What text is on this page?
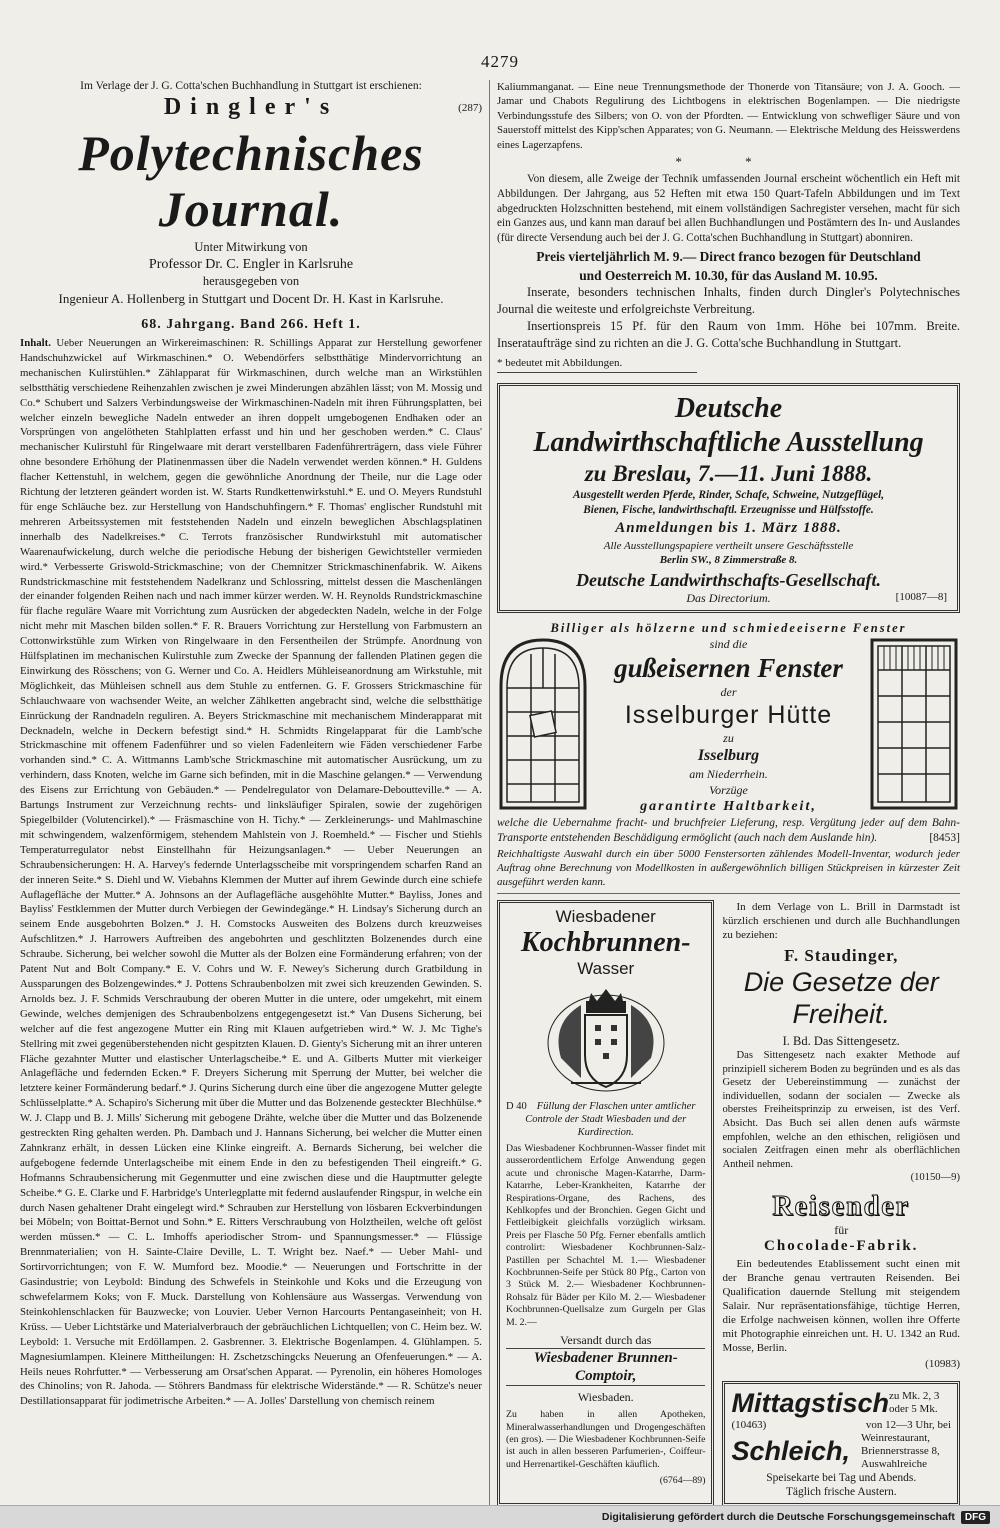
4279
Im Verlage der J. G. Cotta'schen Buchhandlung in Stuttgart ist erschienen:
Dingler's	(287)
Polytechnisches Journal.
Unter Mitwirkung von
Professor Dr. C. Engler in Karlsruhe
herausgegeben von
Ingenieur A. Hollenberg in Stuttgart und Docent Dr. H. Kast in Karlsruhe.
68. Jahrgang. Band 266. Heft 1.
Inhalt. Ueber Neuerungen an Wirkereimaschinen: R. Schillings Apparat zur Herstellung geworfener Handschuhzwickel auf Wirkmaschinen.* O. Webendörfers selbstthätige Mindervorrichtung an mechanischen Kulirstühlen.* Zählapparat für Wirkmaschinen, durch welche man an Wirkstühlen selbstthätig verschiedene Reihenzahlen zwischen je zwei Minderungen abzählen lässt; von M. Mossig und Co.* Schubert und Salzers Verbindungsweise der Wirkmaschinen-Nadeln mit ihren Führungsplatten, bei welcher einzeln bewegliche Nadeln entweder an ihren doppelt umgebogenen Endhaken oder an Vorsprüngen von angelötheten Stahlplatten erfasst und hin und her geschoben werden.* C. Claus' mechanischer Kulirstuhl für Ringelwaare mit derart verstellbaren Fadenführerträgern, dass viele Führer ohne besondere Erhöhung der Platinenmassen über die Nadeln verwendet werden können.* H. Guldens flacher Kettenstuhl, in welchem, gegen die gewöhnliche Anordnung der Theile, nur die Lage oder Richtung der letzteren geändert worden ist. W. Starts Rundkettenwirkstuhl.* E. und O. Meyers Rundstuhl für enge Schläuche bez. zur Herstellung von Handschuhfingern.* F. Thomas' englischer Rundstuhl mit mehreren Arbeitssystemen mit feststehenden Nadeln und einzeln beweglichen Abschlagsplatinen innerhalb des Nadelkreises.* C. Terrots französischer Rundwirkstuhl mit automatischer Waarenaufwickelung, durch welche die periodische Hebung der bisherigen Gewichtsteller vermieden wird.* Verbesserte Griswold-Strickmaschine; von der Chemnitzer Strickmaschinenfabrik. W. Aikens Rundstrickmaschine mit feststehendem Nadelkranz und Schlossring, mittelst dessen die Maschenlängen der einander folgenden Reihen nach und nach immer kürzer werden. W. H. Reynolds Rundstrickmaschine für flache reguläre Waare mit Vorrichtung zum Ausrücken der abgedeckten Nadeln, welche in der Folge nicht mehr mit Maschen bilden sollen.* F. R. Brauers Vorrichtung zur Herstellung von Farbmustern an Cottonwirkstühle zum Wirken von Ringelwaare in den Fersentheilen der Strümpfe. Anordnung von Hülfsplatinen im mechanischen Kulirstuhle zum Zwecke der Spannung der fallenden Platinen gegen die Einwirkung des Rösschens; von G. Werner und Co. A. Heidlers Mühleiseanordnung am Wirkstuhle, mit Möglichkeit, das Mühleisen schnell aus dem Stuhle zu entfernen. G. F. Grossers Strickmaschine für Schlauchwaare von wachsender Weite, an welcher Zählketten angebracht sind, welche die selbstthätige Einrückung der Randnadeln reguliren. A. Beyers Strickmaschine mit mechanischem Minderapparat mit Decknadeln, welche in Deckern befestigt sind.* H. Schmidts Ringelapparat für die Lamb'sche Strickmaschine mit offenem Fadenführer und so vielen Fadenleitern wie Fäden verschiedener Farbe vorhanden sind.* C. A. Wittmanns Lamb'sche Strickmaschine mit automatischer Ausrückung, um zu verhindern, dass Knoten, welche im Garne sich befinden, mit in die Maschine gelangen.* — Verwendung des Eisens zur Errichtung von Gebäuden.* — Pendelregulator von Delamare-Deboutteville.* — A. Bartungs Instrument zur Verzeichnung rechts- und linksläufiger Spiralen, sowie der zugehörigen Spiegelbilder (Volutencirkel).* — Fräsmaschine von H. Tichy.* — Zerkleinerungs- und Mahlmaschine mit schwingendem, walzenförmigem, stehendem Mahlstein von J. Roemheld.* — Fischer und Stiehls Temperaturregulator nebst Einstellhahn für Heizungsanlagen.* — Ueber Neuerungen an Schraubensicherungen: H. A. Harvey's federnde Unterlagsscheibe mit vorspringendem scharfen Rand an der inneren Seite.* S. Diehl und W. Viebahns Klemmen der Mutter auf ihrem Gewinde durch eine schiefe Auflagefläche der Mutter.* A. Johnsons an der Auflagefläche ausgehöhlte Mutter.* Bayliss, Jones and Bayliss' Festklemmen der Mutter durch Verbiegen der Gewindegänge.* H. Lindsay's Sicherung durch an seinem Ende ausgebohrten Bolzen.* J. H. Comstocks Ausweiten des Bolzens durch kreuzweises Aufschlitzen.* J. Harrowers Auftreiben des angebohrten und geschlitzten Bolzenendes durch eine Schraube. Sicherung, bei welcher sowohl die Mutter als der Bolzen eine Formänderung erfahren; von der Patent Nut and Bolt Company.* E. V. Cohrs und W. F. Newey's Sicherung durch Gratbildung in Aussparungen des Bolzengewindes.* J. Pottens Schraubenbolzen mit zwei sich kreuzenden Gewinden. S. Arnolds bez. J. F. Schmids Verschraubung der oberen Mutter in die untere, oder umgekehrt, mit einem Gewinde, welches demjenigen des Schraubenbolzens entgegengesetzt ist.* Van Dusens Sicherung, bei welcher auf die fest angezogene Mutter ein Ring mit Klauen aufgetrieben wird.* W. J. Mc Tighe's Stellring mit zwei gegenüberstehenden nicht gespitzten Klauen. D. Gienty's Sicherung mit an ihrer unteren Fläche gezahnter Mutter und elastischer Unterlagscheibe.* E. und A. Gilberts Mutter mit vierkeiger Anlagefläche und federnden Ecken.* F. Dreyers Sicherung mit Sperrung der Mutter, bei welcher die letztere keiner Formänderung bedarf.* J. Qurins Sicherung durch eine über die angezogene Mutter gelegte Schlüsselplatte.* A. Schapiro's Sicherung mit über die Mutter und das Bolzenende gesteckter Blechhülse.* W. J. Clapp und B. J. Mills' Sicherung mit gebogene Drähte, welche über die Mutter und das Bolzenende gestreckten Ring gehalten werden. Ph. Dambach und J. Hannans Sicherung, bei welcher die Mutter einen Zahnkranz erhält, in dessen Lücken eine Klinke eingreift. A. Bernards Sicherung, bei welcher die aufgebogene federnde Unterlagscheibe mit einem Ende in den zu befestigenden Theil eingreift.* G. Hofmanns Schraubensicherung mit Gegenmutter und eine zwischen diese und die Hauptmutter gelegte Scheibe.* G. E. Clarke und F. Harbridge's Unterlegplatte mit federnd auslaufender Ringspur, in welche ein durch Nasen gehaltener Draht eingelegt wird.* Schrauben zur Herstellung von lösbaren Eckverbindungen bei Möbeln; von Boittat-Bernot und Sohn.* E. Ritters Verschraubung von Holztheilen, welche oft gelöst werden müssen.* — C. L. Imhoffs aperiodischer Strom- und Spannungsmesser.* — Flüssige Brennmaterialien; von H. Sainte-Claire Deville, L. T. Wright bez. Naef.* — Ueber Mahl- und Sortirvorrichtungen; von F. W. Mumford bez. Moodie.* — Neuerungen und Fortschritte in der Gasindustrie; von Leybold: Bindung des Schwefels in Steinkohle und Koks und die Erzeugung von schwefelarmem Koks; von F. Muck. Darstellung von Kohlensäure aus Wassergas. Verwendung von Steinkohlenschlacken für Bauzwecke; von Louvier. Ueber Vernon Harcourts Pentangaseinheit; von H. Krüss. — Ueber Lichtstärke und Materialverbrauch der gebräuchlichen Lichtquellen; von C. Heim bez. W. Leybold: 1. Versuche mit Erdöllampen. 2. Gasbrenner. 3. Elektrische Bogenlampen. 4. Glühlampen. 5. Magnesiumlampen. Kleinere Mittheilungen: H. Zschetzschingcks Neuerung an Ofenfeuerungen.* — A. Heils neues Rohrfutter.* — Verbesserung am Orsat'schen Apparat. — Pyrenolin, ein höheres Homologes des Chinolins; von R. Jahoda. — Stöhrers Bandmass für elektrische Widerstände.* — R. Schütze's neuer Destillationsapparat für jodimetrische Arbeiten.* — A. Jolles' Darstellung von chemisch reinem
Kaliummanganat. — Eine neue Trennungsmethode der Thonerde von Titansäure; von J. A. Gooch. — Jamar und Chabots Regulirung des Lichtbogens in elektrischen Bogenlampen. — Die niedrigste Verbindungsstufe des Silbers; von O. von der Pfordten. — Entwicklung von schwefliger Säure und von Sauerstoff mittelst des Kipp'schen Apparates; von G. Neumann. — Elektrische Meldung des Heisswerdens eines Lagerzapfens.
* *
Von diesem, alle Zweige der Technik umfassenden Journal erscheint wöchentlich ein Heft mit Abbildungen. Der Jahrgang, aus 52 Heften mit etwa 150 Quart-Tafeln Abbildungen und im Text abgedruckten Holzschnitten bestehend, mit einem vollständigen Sachregister versehen, macht für sich ein Ganzes aus, und kann man darauf bei allen Buchhandlungen und Postämtern des In- und Auslandes (für directe Versendung auch bei der J. G. Cotta'schen Buchhandlung in Stuttgart) abonniren.
Preis vierteljährlich M. 9.— Direct franco bezogen für Deutschland
und Oesterreich M. 10.30, für das Ausland M. 10.95.
Inserate, besonders technischen Inhalts, finden durch Dingler's Polytechnisches Journal die weiteste und erfolgreichste Verbreitung.
Insertionspreis 15 Pf. für den Raum von 1mm. Höhe bei 107mm. Breite. Inserataufträge sind zu richten an die J. G. Cotta'sche Buchhandlung in Stuttgart.
* bedeutet mit Abbildungen.
Deutsche
Landwirthschaftliche Ausstellung
zu Breslau, 7.—11. Juni 1888.
Ausgestellt werden Pferde, Rinder, Schafe, Schweine, Nutzgeflügel,
Bienen, Fische, landwirthschaftl. Erzeugnisse und Hülfsstoffe.
Anmeldungen bis 1. März 1888.
Alle Ausstellungspapiere vertheilt unsere Geschäftsstelle
Berlin SW., 8 Zimmerstraße 8.
Deutsche Landwirthschafts-Gesellschaft.
Das Directorium.	[10087—8]
Billiger als hölzerne und schmiedeeiserne Fenster
sind die
gußeisernen Fenster
der
Isselburger Hütte
zu
Isselburg
am Niederrhein.
Vorzüge
garantirte Haltbarkeit,
welche die Uebernahme fracht- und bruchfreier Lieferung, resp. Vergütung jeder auf dem Bahn-Transporte entstehenden Beschädigung ermöglicht (auch nach dem Auslande hin).	[8453]
Reichhaltigste Auswahl durch ein über 5000 Fenstersorten zählendes Modell-Inventar, wodurch jeder Auftrag ohne Berechnung von Modellkosten in außergewöhnlich billigen Stückpreisen in kürzester Zeit ausgeführt werden kann.
Wiesbadener
Kochbrunnen-
Wasser
D 40 Füllung der Flaschen unter amtlicher Controle der Stadt Wiesbaden und der Kurdirection.
Das Wiesbadener Kochbrunnen-Wasser findet mit ausserordentlichem Erfolge Anwendung gegen acute und chronische Magen-Katarrhe, Darm-Katarrhe, Leber-Krankheiten, Katarrhe der Respirations-Organe, des Rachens, des Kehlkopfes und der Bronchien. Gegen Gicht und Fettleibigkeit gleichfalls vorzüglich wirksam. Preis per Flasche 50 Pfg. Ferner ebenfalls amtlich controlirt: Wiesbadener Kochbrunnen-Salz-Pastillen per Schachtel M. 1.— Wiesbadener Kochbrunnen-Seife per Stück 80 Pfg., Carton von 3 Stück M. 2.— Wiesbadener Kochbrunnen-Rohsalz für Bäder per Kilo M. 2.— Wiesbadener Kochbrunnen-Quellsalze zum Gurgeln per Glas M. 2.—
Versandt durch das
Wiesbadener Brunnen-Comptoir,
Wiesbaden.
Zu haben in allen Apotheken, Mineralwasserhandlungen und Drogengeschäften (en gros). — Die Wiesbadener Kochbrunnen-Seife ist auch in allen besseren Parfumerien-, Coiffeur- und Herrenartikel-Geschäften käuflich.
(6764—89)
In dem Verlage von L. Brill in Darmstadt ist kürzlich erschienen und durch alle Buchhandlungen zu beziehen:
F. Staudinger,
Die Gesetze der Freiheit.
I. Bd. Das Sittengesetz.
Das Sittengesetz nach exakter Methode auf prinzipiell sicherem Boden zu begründen und es als das Gesetz der Uebereinstimmung — zunächst der individuellen, sodann der socialen — Zwecke als oberstes Freiheitsprinzip zu erweisen, ist des Verf. Absicht. Das Buch sei allen denen aufs wärmste empfohlen, welche an den ethischen, religiösen und socialen Zeitfragen einen mehr als oberflächlichen Antheil nehmen.
(10150—9)
Reisender
für
Chocolade-Fabrik.
Ein bedeutendes Etablissement sucht einen mit der Branche genau vertrauten Reisenden. Bei Qualification dauernde Stellung mit steigendem Salair. Nur repräsentationsfähige, tüchtige Herren, die Erfolge nachweisen können, wollen ihre Offerte mit Photographie einreichen unt. H. U. 1342 an Rud. Mosse, Berlin.
(10983)
Mittagstisch zu Mk. 2, 3 oder 5 Mk.
(10463)	von 12—3 Uhr, bei
Schleich, Weinrestaurant, Briennerstrasse 8, Auswahlreiche
Speisekarte bei Tag und Abends.
Täglich frische Austern.
Digitalisierung gefördert durch die Deutsche Forschungsgemeinschaft	DFG
